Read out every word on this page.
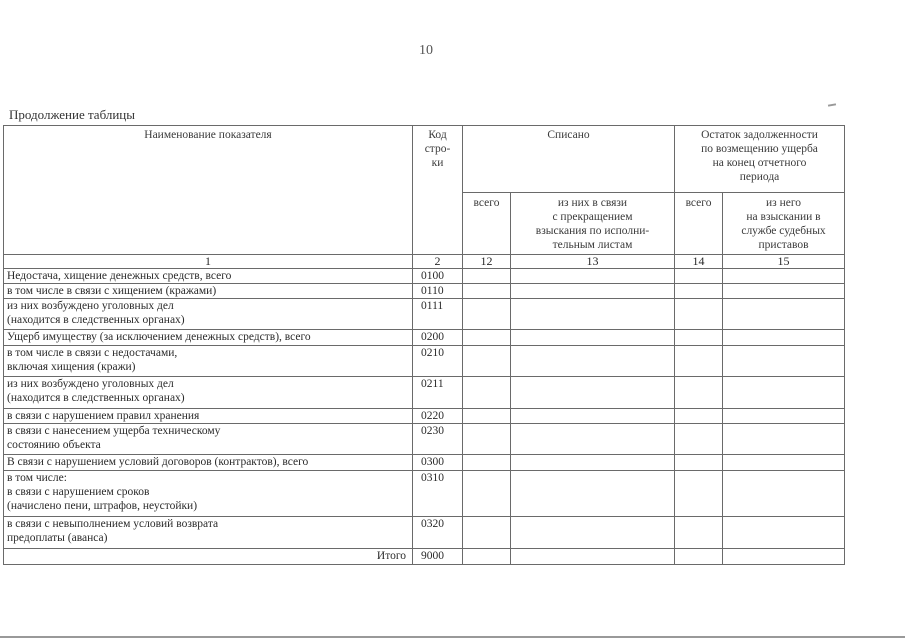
10
Продолжение таблицы
Наименование показателя	Код
стро-
ки	Списано		Остаток задолженности
по возмещению ущерба
на конец отчетного
периода	
		всего	из них в связи
с прекращением
взыскания по исполни-
тельным листам	всего	из него
на взыскании в
службе судебных
приставов
1	2	12	13	14	15
Недостача, хищение денежных средств, всего	0100				
в том числе в связи с хищением (кражами)	0110				
из них возбуждено уголовных дел
(находится в следственных органах)	0111				
Ущерб имуществу (за исключением денежных средств), всего	0200				
в том числе в связи с недостачами,
включая хищения (кражи)	0210				
из них возбуждено уголовных дел
(находится в следственных органах)	0211				
в связи с нарушением правил хранения	0220				
в связи с нанесением ущерба техническому
состоянию объекта	0230				
В связи с нарушением условий договоров (контрактов), всего	0300				
в том числе:
в связи с нарушением сроков
(начислено пени, штрафов, неустойки)	0310				
в связи с невыполнением условий возврата
предоплаты (аванса)	0320				
Итого	9000				
